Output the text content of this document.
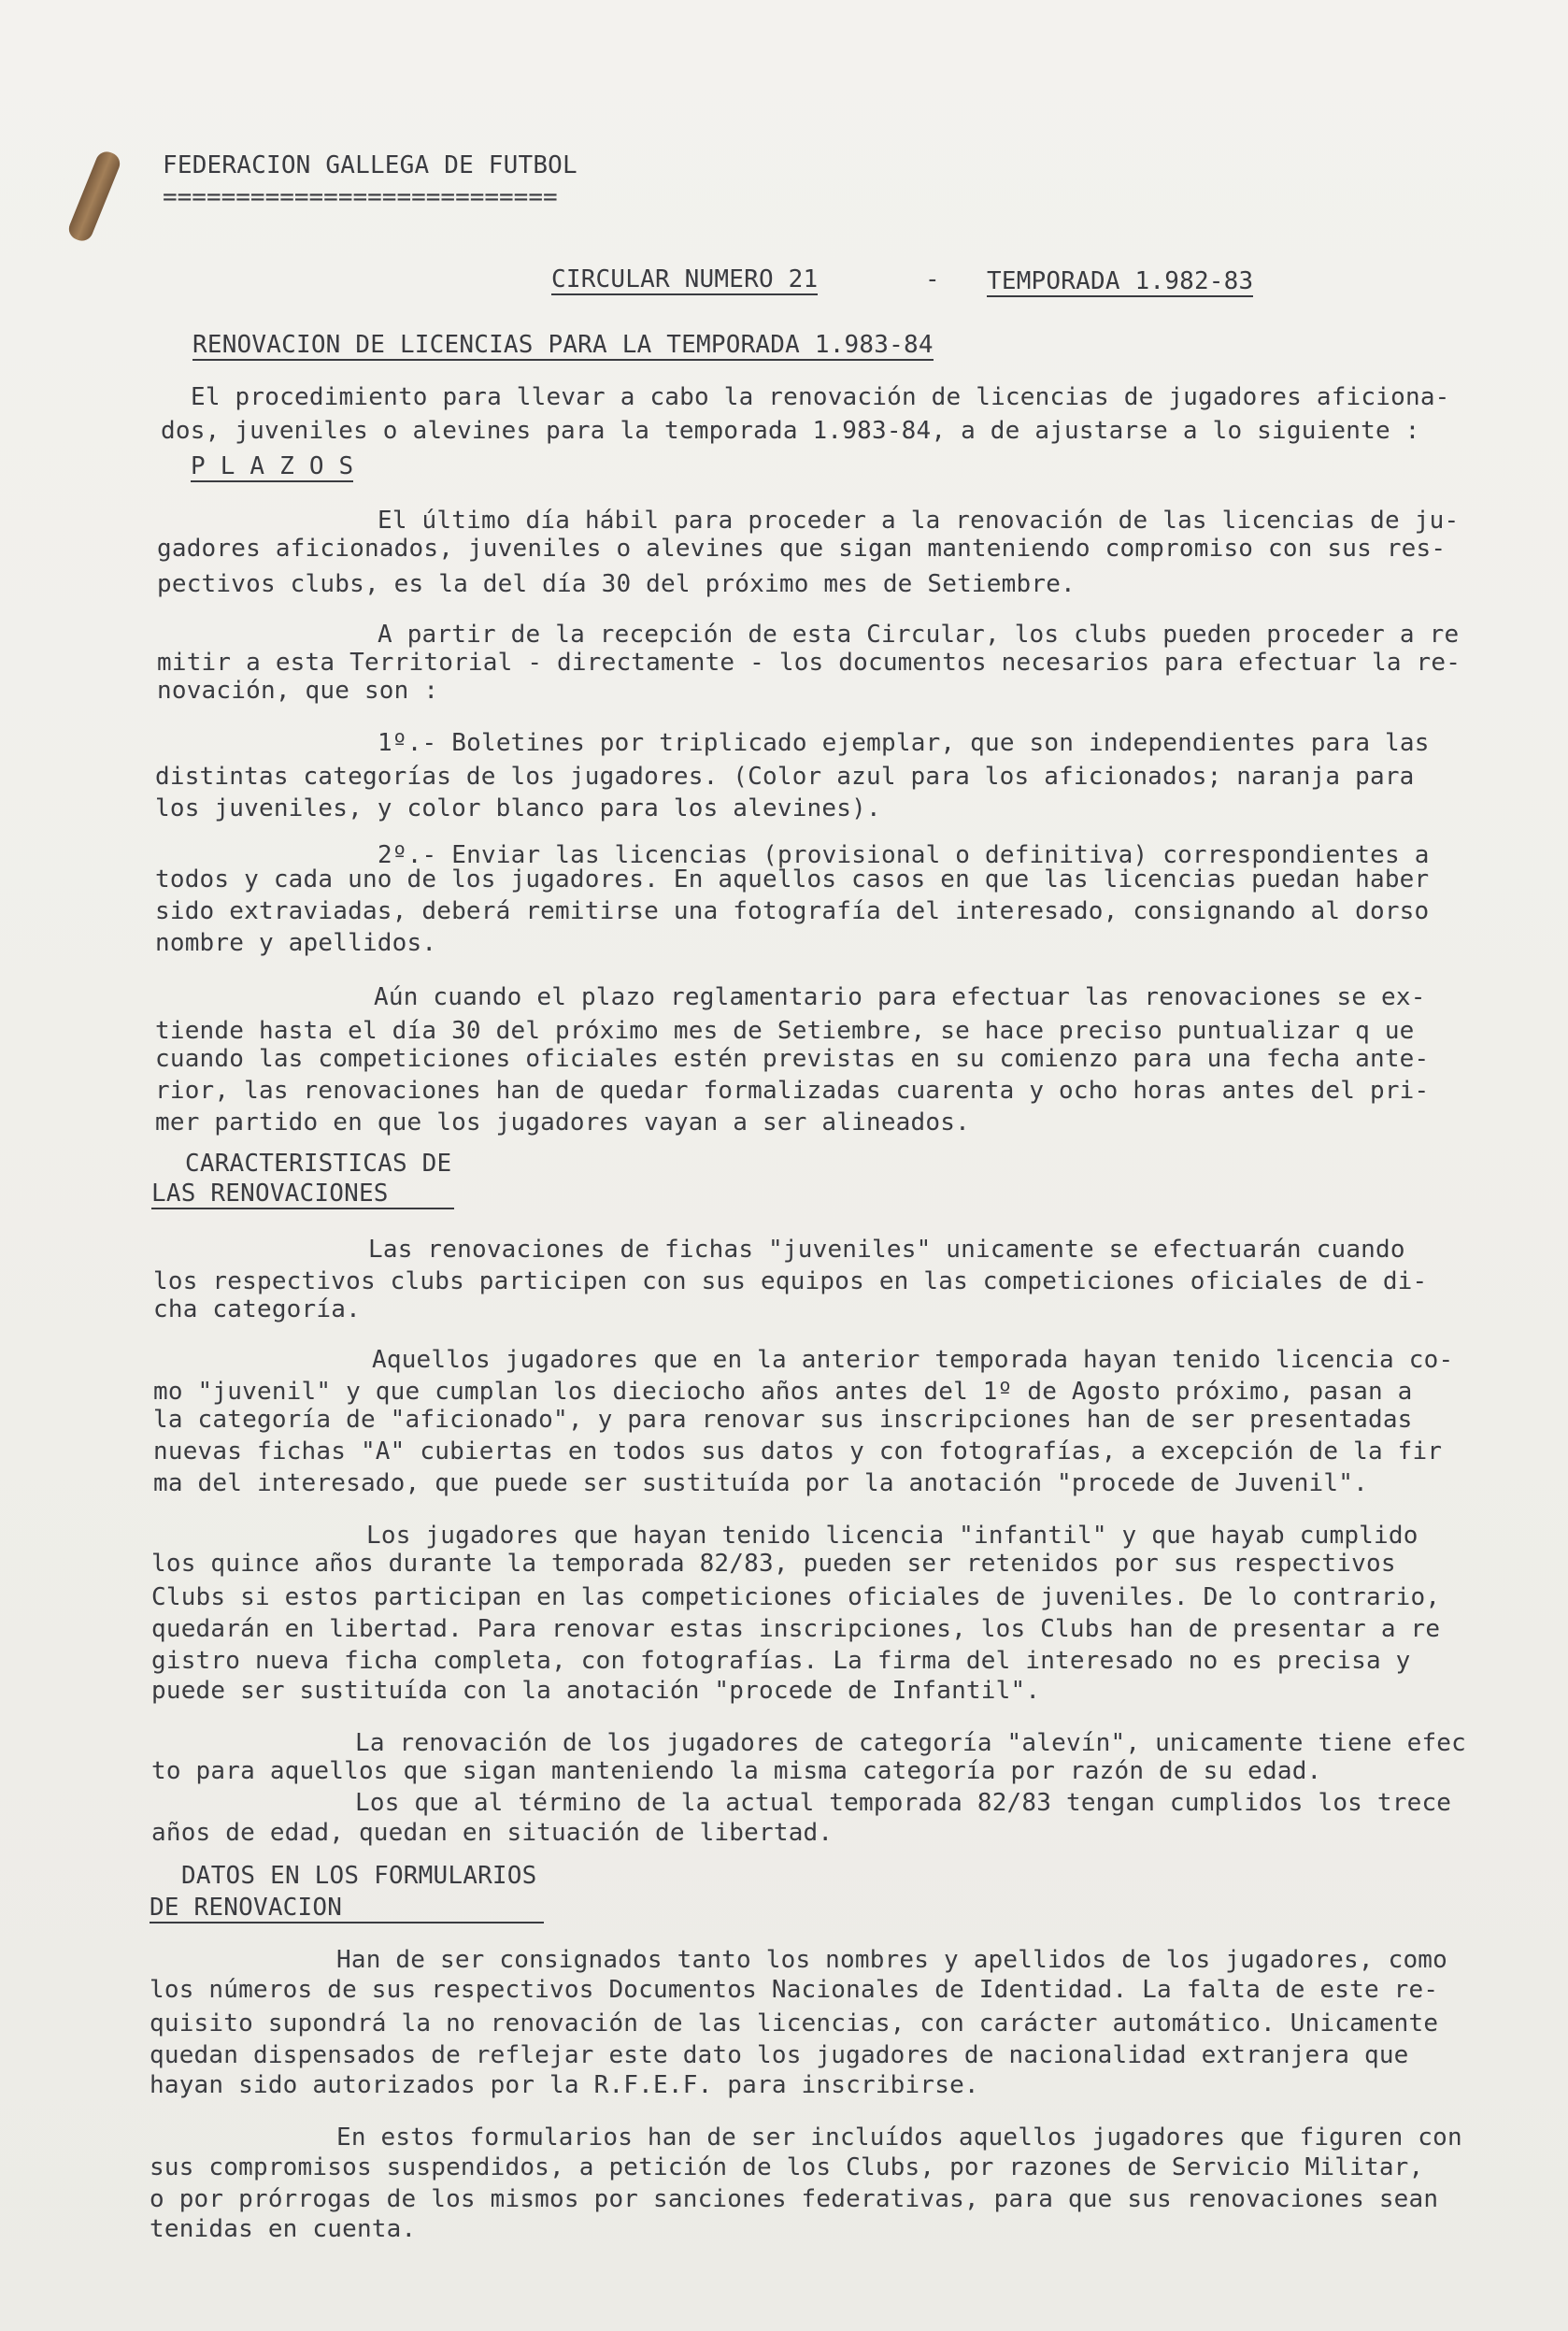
FEDERACION GALLEGA DE FUTBOL
===========================
CIRCULAR NUMERO 21	- TEMPORADA 1.982-83
RENOVACION DE LICENCIAS PARA LA TEMPORADA 1.983-84
El procedimiento para llevar a cabo la renovación de licencias de jugadores aficiona-
dos, juveniles o alevines para la temporada 1.983-84, a de ajustarse a lo siguiente :
P L A Z O S
El último día hábil para proceder a la renovación de las licencias de ju-
gadores aficionados, juveniles o alevines que sigan manteniendo compromiso con sus res-
pectivos clubs, es la del día 30 del próximo mes de Setiembre.
A partir de la recepción de esta Circular, los clubs pueden proceder a re
mitir a esta Territorial - directamente - los documentos necesarios para efectuar la re-
novación, que son :
1º.- Boletines por triplicado ejemplar, que son independientes para las
distintas categorías de los jugadores. (Color azul para los aficionados; naranja para
los juveniles, y color blanco para los alevines).
2º.- Enviar las licencias (provisional o definitiva) correspondientes a
todos y cada uno de los jugadores. En aquellos casos en que las licencias puedan haber
sido extraviadas, deberá remitirse una fotografía del interesado, consignando al dorso
nombre y apellidos.
Aún cuando el plazo reglamentario para efectuar las renovaciones se ex-
tiende hasta el día 30 del próximo mes de Setiembre, se hace preciso puntualizar q ue
cuando las competiciones oficiales estén previstas en su comienzo para una fecha ante-
rior, las renovaciones han de quedar formalizadas cuarenta y ocho horas antes del pri-
mer partido en que los jugadores vayan a ser alineados.
CARACTERISTICAS DE
LAS RENOVACIONES
Las renovaciones de fichas "juveniles" unicamente se efectuarán cuando
los respectivos clubs participen con sus equipos en las competiciones oficiales de di-
cha categoría.
Aquellos jugadores que en la anterior temporada hayan tenido licencia co-
mo "juvenil" y que cumplan los dieciocho años antes del 1º de Agosto próximo, pasan a
la categoría de "aficionado", y para renovar sus inscripciones han de ser presentadas
nuevas fichas "A" cubiertas en todos sus datos y con fotografías, a excepción de la fir
ma del interesado, que puede ser sustituída por la anotación "procede de Juvenil".
Los jugadores que hayan tenido licencia "infantil" y que hayab cumplido
los quince años durante la temporada 82/83, pueden ser retenidos por sus respectivos
Clubs si estos participan en las competiciones oficiales de juveniles. De lo contrario,
quedarán en libertad. Para renovar estas inscripciones, los Clubs han de presentar a re
gistro nueva ficha completa, con fotografías. La firma del interesado no es precisa y
puede ser sustituída con la anotación "procede de Infantil".
La renovación de los jugadores de categoría "alevín", unicamente tiene efec
to para aquellos que sigan manteniendo la misma categoría por razón de su edad.
Los que al término de la actual temporada 82/83 tengan cumplidos los trece
años de edad, quedan en situación de libertad.
DATOS EN LOS FORMULARIOS
DE RENOVACION
Han de ser consignados tanto los nombres y apellidos de los jugadores, como
los números de sus respectivos Documentos Nacionales de Identidad. La falta de este re-
quisito supondrá la no renovación de las licencias, con carácter automático. Unicamente
quedan dispensados de reflejar este dato los jugadores de nacionalidad extranjera que
hayan sido autorizados por la R.F.E.F. para inscribirse.
En estos formularios han de ser incluídos aquellos jugadores que figuren con
sus compromisos suspendidos, a petición de los Clubs, por razones de Servicio Militar,
o por prórrogas de los mismos por sanciones federativas, para que sus renovaciones sean
tenidas en cuenta.
